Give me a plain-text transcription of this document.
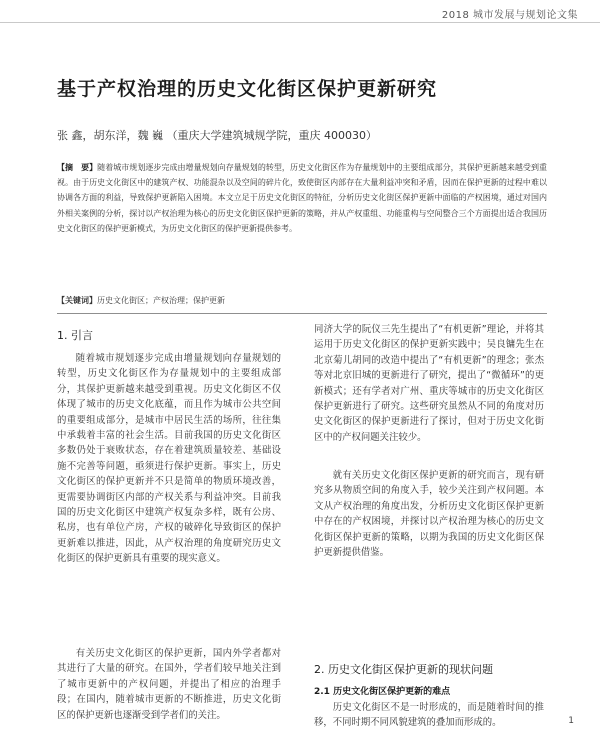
2018 城市发展与规划论文集
基于产权治理的历史文化街区保护更新研究
张 鑫，胡东洋，魏 巍 （重庆大学建筑城规学院，重庆 400030）
【摘　要】随着城市规划逐步完成由增量规划向存量规划的转型，历史文化街区作为存量规划中的主要组成部分，其保护更新越来越受到重视。由于历史文化街区中的建筑产权、功能混杂以及空间的碎片化，致使街区内部存在大量利益冲突和矛盾，因而在保护更新的过程中难以协调各方面的利益，导致保护更新陷入困境。本文立足于历史文化街区的特征，分析历史文化街区保护更新中面临的产权困境，通过对国内外相关案例的分析，探讨以产权治理为核心的历史文化街区保护更新的策略，并从产权重组、功能重构与空间整合三个方面提出适合我国历史文化街区的保护更新模式，为历史文化街区的保护更新提供参考。
【关键词】历史文化街区；产权治理；保护更新
1. 引言
随着城市规划逐步完成由增量规划向存量规划的转型，历史文化街区作为存量规划中的主要组成部分，其保护更新越来越受到重视。历史文化街区不仅体现了城市的历史文化底蕴，而且作为城市公共空间的重要组成部分，是城市中居民生活的场所，往往集中承载着丰富的社会生活。目前我国的历史文化街区多数仍处于衰败状态，存在着建筑质量较差、基础设施不完善等问题，亟须进行保护更新。事实上，历史文化街区的保护更新并不只是简单的物质环境改善，更需要协调街区内部的产权关系与利益冲突。目前我国的历史文化街区中建筑产权复杂多样，既有公房、私房，也有单位产房，产权的破碎化导致街区的保护更新难以推进，因此，从产权治理的角度研究历史文化街区的保护更新具有重要的现实意义。
有关历史文化街区的保护更新，国内外学者都对其进行了大量的研究。在国外，学者们较早地关注到了城市更新中的产权问题，并提出了相应的治理手段；在国内，随着城市更新的不断推进，历史文化街区的保护更新也逐渐受到学者们的关注。
同济大学的阮仪三先生提出了“有机更新”理论，并将其运用于历史文化街区的保护更新实践中；吴良镛先生在北京菊儿胡同的改造中提出了“有机更新”的理念；张杰等对北京旧城的更新进行了研究，提出了“微循环”的更新模式；还有学者对广州、重庆等城市的历史文化街区保护更新进行了研究。这些研究虽然从不同的角度对历史文化街区的保护更新进行了探讨，但对于历史文化街区中的产权问题关注较少。
就有关历史文化街区保护更新的研究而言，现有研究多从物质空间的角度入手，较少关注到产权问题。本文从产权治理的角度出发，分析历史文化街区保护更新中存在的产权困境，并探讨以产权治理为核心的历史文化街区保护更新的策略，以期为我国的历史文化街区保护更新提供借鉴。
2. 历史文化街区保护更新的现状问题
2.1 历史文化街区保护更新的难点
历史文化街区不是一时形成的，而是随着时间的推移，不同时期不同风貌建筑的叠加而形成的。	1
